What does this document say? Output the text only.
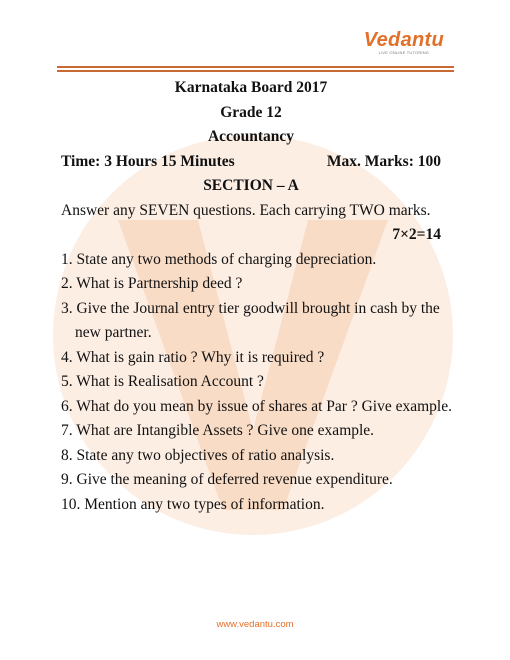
Vedantu
LIVE ONLINE TUTORING
Karnataka Board 2017
Grade 12
Accountancy
Time: 3 Hours 15 Minutes	Max. Marks: 100
SECTION – A
Answer any SEVEN questions. Each carrying TWO marks.
7×2=14
1. State any two methods of charging depreciation.
2. What is Partnership deed ?
3. Give the Journal entry tier goodwill brought in cash by the
new partner.
4. What is gain ratio ? Why it is required ?
5. What is Realisation Account ?
6. What do you mean by issue of shares at Par ? Give example.
7. What are Intangible Assets ? Give one example.
8. State any two objectives of ratio analysis.
9. Give the meaning of deferred revenue expenditure.
10. Mention any two types of information.
www.vedantu.com
